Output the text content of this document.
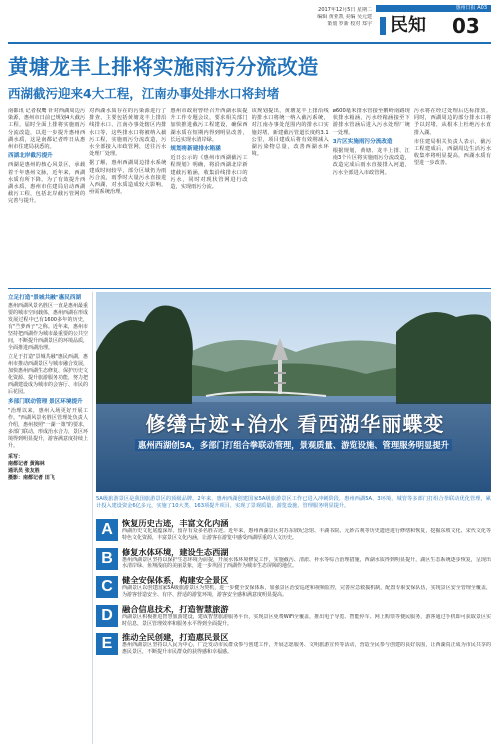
2017年12月5日 星期二
编辑 黄亚凯 美编 吴元建
策划 罗新 校对 郑宇
惠州日报 A03
民知 03
黄塘龙丰上排将实施雨污分流改造
西湖截污迎来4大工程，江南办事处排水口将封堵

南都讯 记者权鹰 针对西湖周边污染源，惠州市日前已规划4大截污工程，届时全面上排将实施雨污分流改造，以进一步提升惠州西湖水质，这是南都记者昨日从惠州市住建局获悉的。

西湖北岸截污提升

西湖是惠州的核心风景区，承载着千年惠州文脉，近年来，西湖水质有所下降，为了有效提升西湖水质，惠州市住建局启动西湖截污工程，包括北岸截污管网的完善与提升。

对西湖水质存在的污染源进行了排查，主要包括黄塘龙丰上排沿线排水口、江南办事处辖区内排水口等，这些排水口将被纳入截污工程，实施雨污分流改造，污水全部接入市政管网，送往污水处理厂处理。

据了解，惠州西湖周边排水系统建成时间较早，部分区域仍为雨污合流，雨季时大量污水直接进入西湖，对水质造成较大影响，亟需系统治理。

惠州市政府曾经召开西湖水质提升工作专题会议，要求相关部门加快推进截污工程建设，确保西湖水质在短期内得到明显改善，长远实现水清岸绿。

规划将新建排水箱涵

近日公示的《惠州市西湖截污工程规划》明确，将沿西湖北岸新建截污箱涵，收集沿线排水口的污水，同时对现状管网进行改造，实现雨污分流。

该规划提出，黄塘龙丰上排沿线的排水口将统一纳入截污系统，对江南办事处范围内的排水口实施封堵，新建截污管道长度约3.1公里，项目建成后将有效削减入湖污染物总量，改善西湖水环境。

ø600毫米排水管接至鹅岭南路现状排水箱涵，污水经箱涵接至下游排水管涵后进入污水处理厂统一处理。

3片区实施雨污分流改造

根据规划，黄塘、龙丰上排、江南3个片区将实施雨污分流改造，改造完成后雨水直接排入河道，污水全部进入市政管网。

污水将在经过处理后达标排放。同时，西湖周边的部分排水口将予以封堵，从根本上杜绝污水直排入湖。

市住建局相关负责人表示，截污工程建成后，西湖周边生活污水收集率将明显提高，西湖水质有望进一步改善。

立足打造"景城共融"惠民西湖

惠州西湖风景名胜区一直是惠州最重要的城市空间载体，惠州西湖在形成发展过程中已有1600多年的历史，有"苎萝西子"之称。近年来，惠州市坚持把西湖作为城市最重要的公共空间，不断提升西湖景区的环境品质，全面推进西湖治理。

立足于打造"景城共融"惠民西湖，惠州市推动西湖景区与城市融合发展，加快惠州西湖生态修复、保护历史文化资源、提升旅游服务功能，努力把西湖建设成为城市的会客厅、市民的后花园。

多部门联动管理 景区环境提升

"治理以来，惠州入场更好开展工作。"西湖风景名胜区管理处负责人介绍，惠州按照"一湖一策"的要求，多部门联动，形成治水合力，景区环境得到明显提升，游客满意度持续上升。

采写：
南都记者 黄海林
通讯员 张友胜
摄影：南都记者 田飞
修缮古迹+治水 看西湖华丽蝶变
惠州西湖创5A，多部门打组合拳联动管理，景观质量、游览设施、管理服务明显提升
5A级旅游景区是我国旅游景区的顶级品牌。2年来，惠州西湖创建国家5A级旅游景区工作已进入冲刺阶段，惠州西湖5A、3环境、城管等多部门打组合拳联动优化管理，累计投入建设资金6亿多元，实施了10大类、163项提升项目，实现了景观质量、游览设施、管理服务明显提升。
A	恢复历史古迹，丰富文化内涵
西湖历史文化底蕴深厚，留存有众多名胜古迹。近年来，惠州西湖景区对苏东坡纪念馆、丰湖书院、元妙古观等历史遗迹进行修缮和恢复，挖掘东坡文化、宋代文化等特色文化资源，丰富景区文化内涵，让游客在游览中感受西湖厚重的人文历史。
B	修复水体环境，建设生态西湖
惠州西湖景区坚持以保护生态环境为前提，开展水体环境修复工作，实施截污、清淤、补水等综合治理措施，西湖水质得到明显提升，湖区生态系统逐步恢复，呈现出水清岸绿、鱼翔浅底的美丽景象，进一步巩固了西湖作为城市生态屏障的地位。
C	健全安保体系，构建安全景区
西湖景区以创建国家5A级旅游景区为契机，进一步健全安保体系，加强景区治安巡逻和视频监控，完善应急救援机制，配置专职安保队伍，实现景区安全管理全覆盖，为游客营造安全、有序、舒适的游览环境，游客安全感和满意度明显提高。
D	融合信息技术，打造智慧旅游
西湖景区积极推进智慧旅游建设，建成智慧旅游服务平台，实现景区免费WiFi全覆盖，推出电子导览、智能停车、网上购票等便民服务，游客通过手机即可获取景区实时信息，景区管理效率和服务水平得到全面提升。
E	推动全民创建，打造惠民景区
惠州西湖景区坚持以人民为中心，广泛发动市民群众参与创建工作，开展志愿服务、文明旅游宣传等活动，营造全民参与创建的良好氛围，让西湖真正成为市民共享的惠民景区，不断提升市民群众的获得感和幸福感。
